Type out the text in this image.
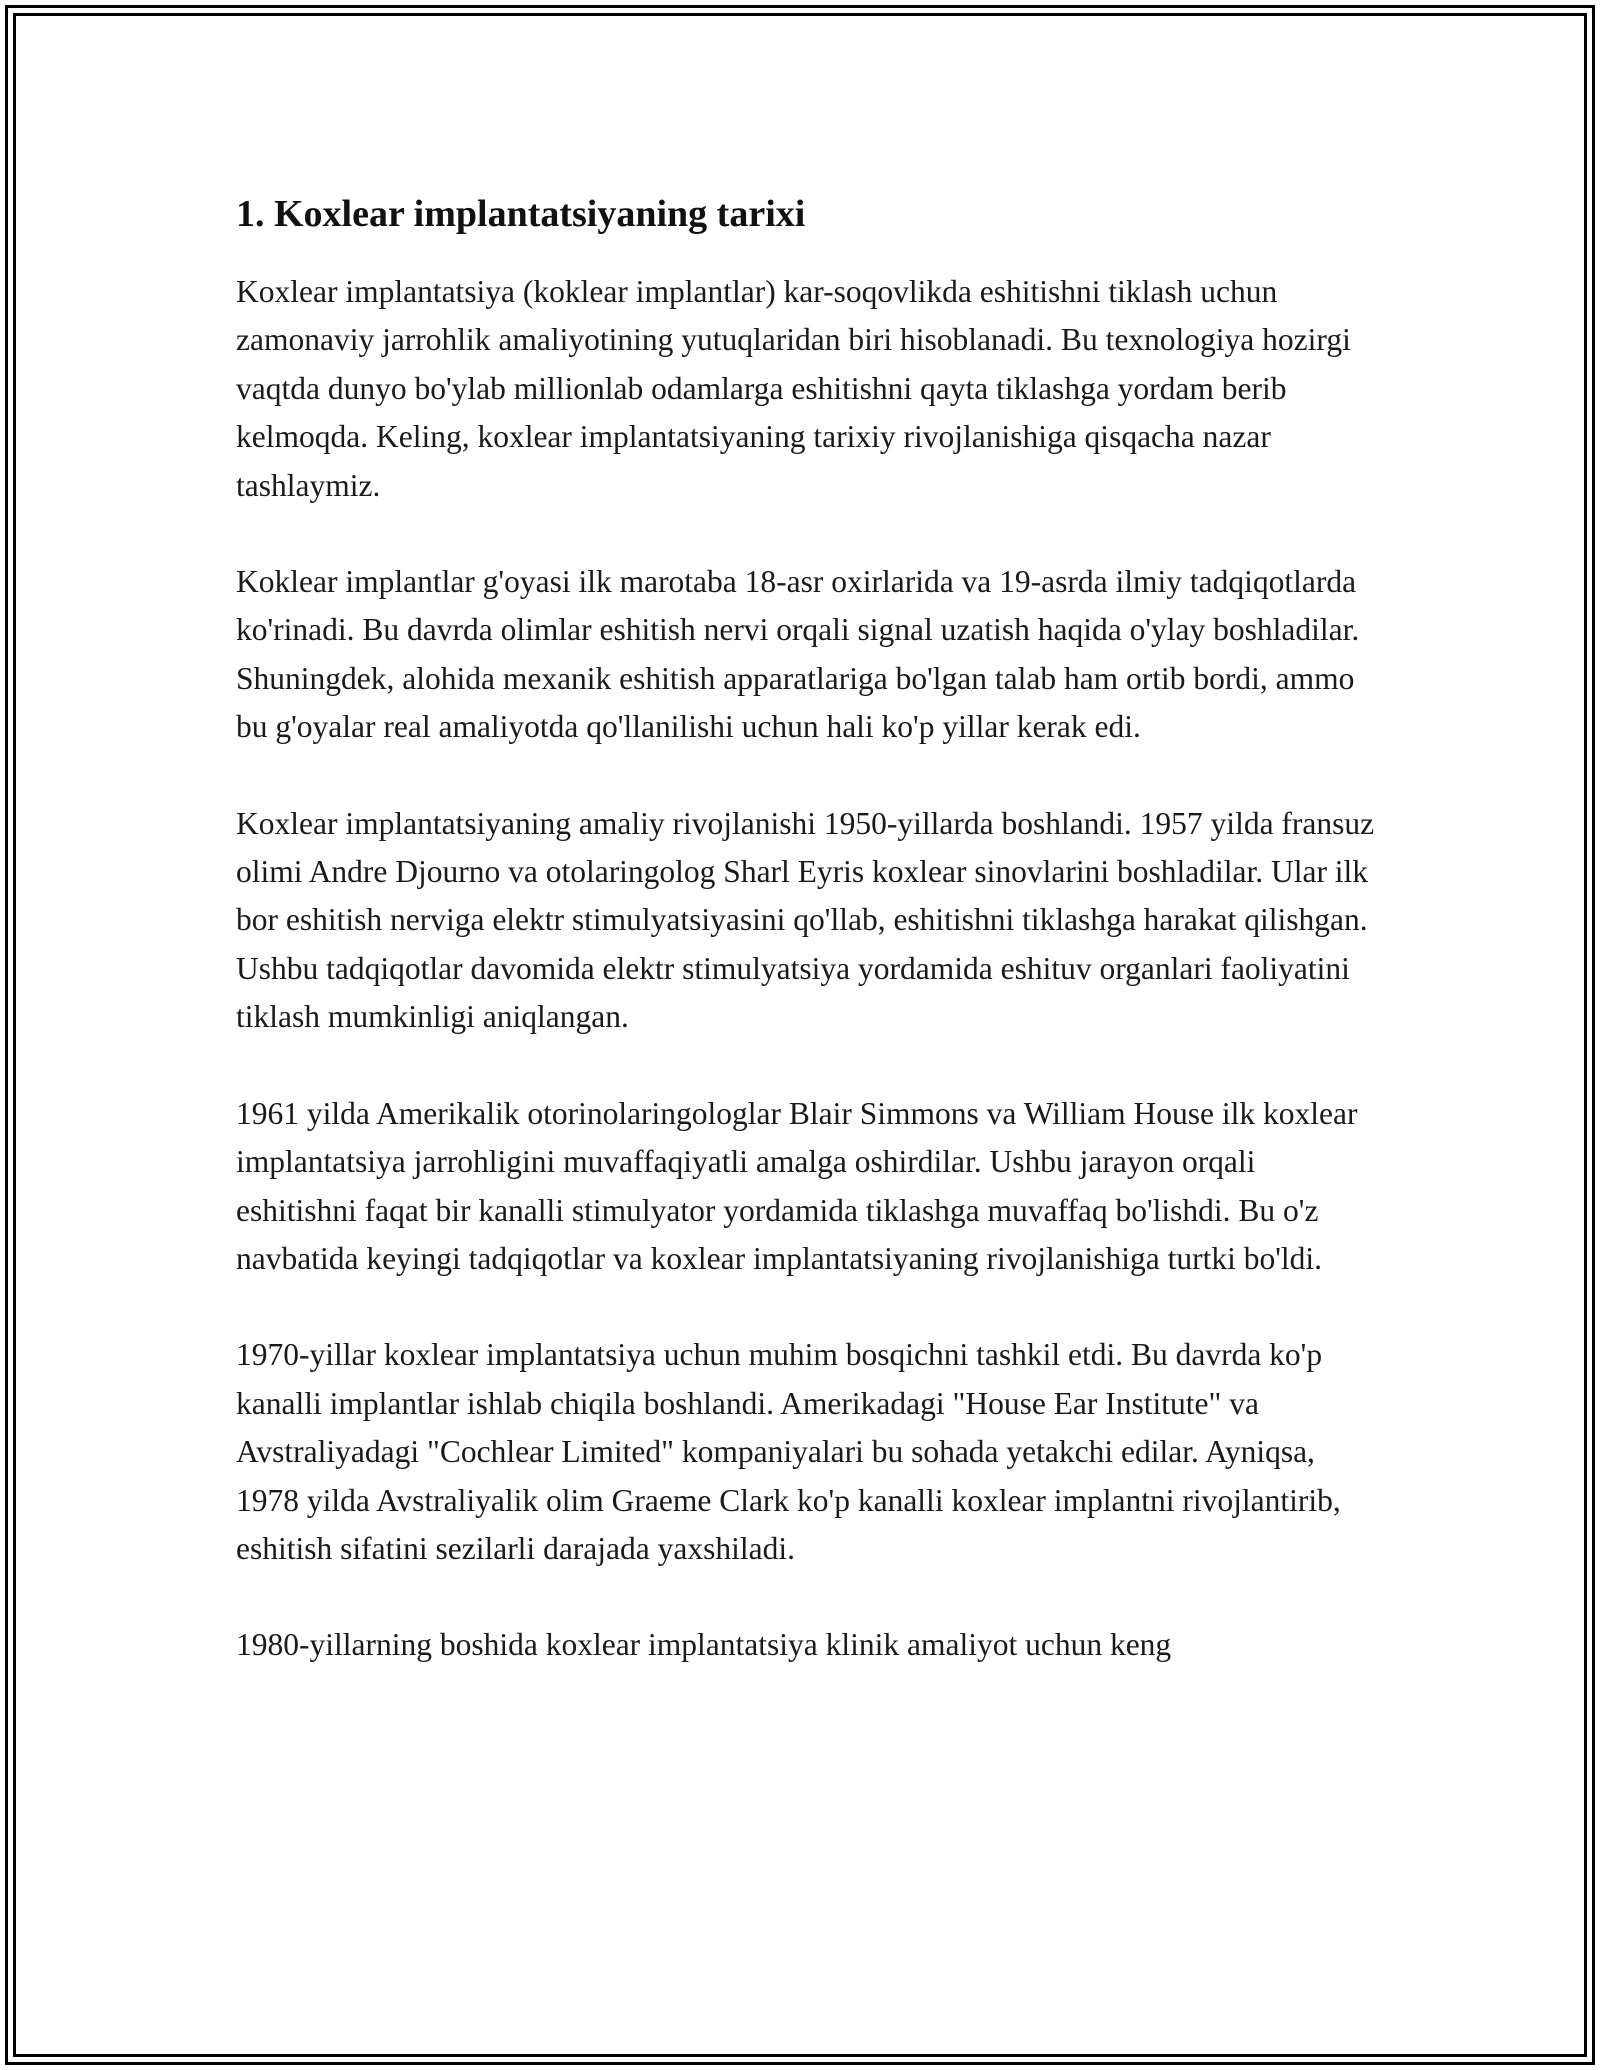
1. Koxlear implantatsiyaning tarixi

Koxlear implantatsiya (koklear implantlar) kar-soqovlikda eshitishni tiklash uchun zamonaviy jarrohlik amaliyotining yutuqlaridan biri hisoblanadi. Bu texnologiya hozirgi vaqtda dunyo bo'ylab millionlab odamlarga eshitishni qayta tiklashga yordam berib kelmoqda. Keling, koxlear implantatsiyaning tarixiy rivojlanishiga qisqacha nazar tashlaymiz.

Koklear implantlar g'oyasi ilk marotaba 18-asr oxirlarida va 19-asrda ilmiy tadqiqotlarda ko'rinadi. Bu davrda olimlar eshitish nervi orqali signal uzatish haqida o'ylay boshladilar. Shuningdek, alohida mexanik eshitish apparatlariga bo'lgan talab ham ortib bordi, ammo bu g'oyalar real amaliyotda qo'llanilishi uchun hali ko'p yillar kerak edi.

Koxlear implantatsiyaning amaliy rivojlanishi 1950-yillarda boshlandi. 1957 yilda fransuz olimi Andre Djourno va otolaringolog Sharl Eyris koxlear sinovlarini boshladilar. Ular ilk bor eshitish nerviga elektr stimulyatsiyasini qo'llab, eshitishni tiklashga harakat qilishgan. Ushbu tadqiqotlar davomida elektr stimulyatsiya yordamida eshituv organlari faoliyatini tiklash mumkinligi aniqlangan.

1961 yilda Amerikalik otorinolaringologlar Blair Simmons va William House ilk koxlear implantatsiya jarrohligini muvaffaqiyatli amalga oshirdilar. Ushbu jarayon orqali eshitishni faqat bir kanalli stimulyator yordamida tiklashga muvaffaq bo'lishdi. Bu o'z navbatida keyingi tadqiqotlar va koxlear implantatsiyaning rivojlanishiga turtki bo'ldi.

1970-yillar koxlear implantatsiya uchun muhim bosqichni tashkil etdi. Bu davrda ko'p kanalli implantlar ishlab chiqila boshlandi. Amerikadagi "House Ear Institute" va Avstraliyadagi "Cochlear Limited" kompaniyalari bu sohada yetakchi edilar. Ayniqsa, 1978 yilda Avstraliyalik olim Graeme Clark ko'p kanalli koxlear implantni rivojlantirib, eshitish sifatini sezilarli darajada yaxshiladi.

1980-yillarning boshida koxlear implantatsiya klinik amaliyot uchun keng
